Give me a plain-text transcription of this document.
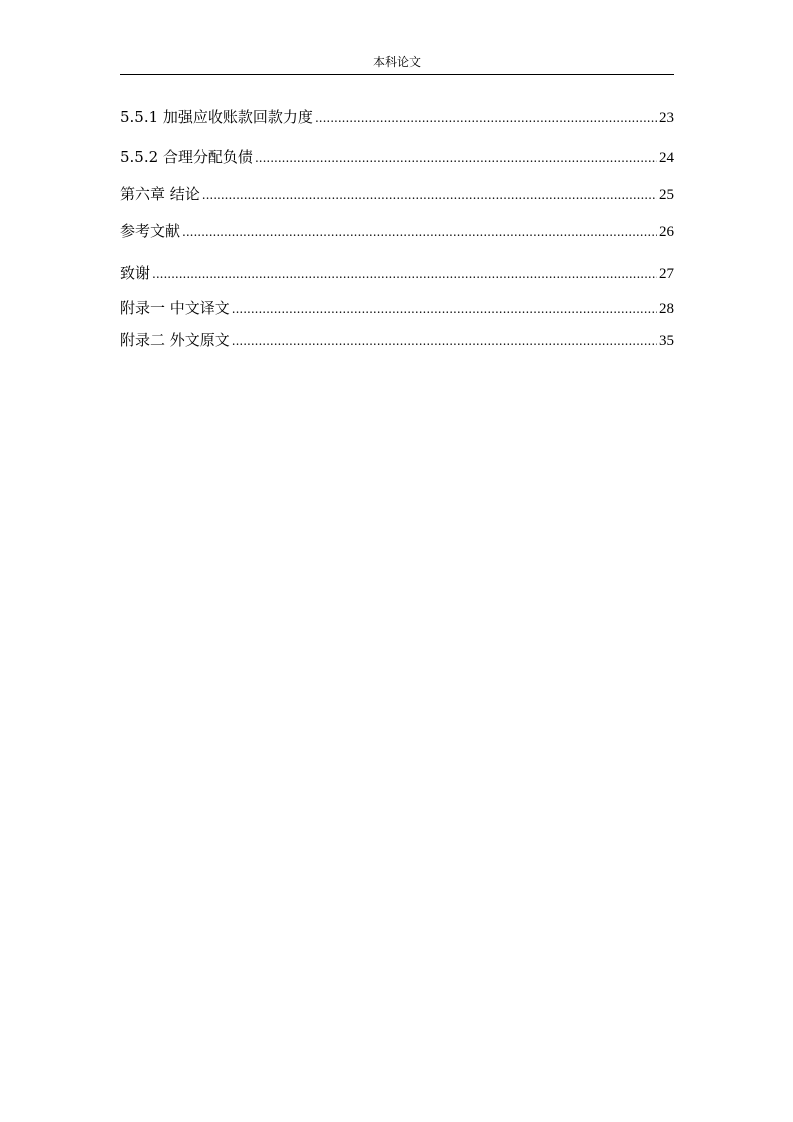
本科论文
5.5.1 加强应收账款回款力度 .....	23
5.5.2 合理分配负债 .....	24
第六章 结论 .....	25
参考文献 .....	26
致谢 .....	27
附录一 中文译文 .....	28
附录二 外文原文 .....	35
